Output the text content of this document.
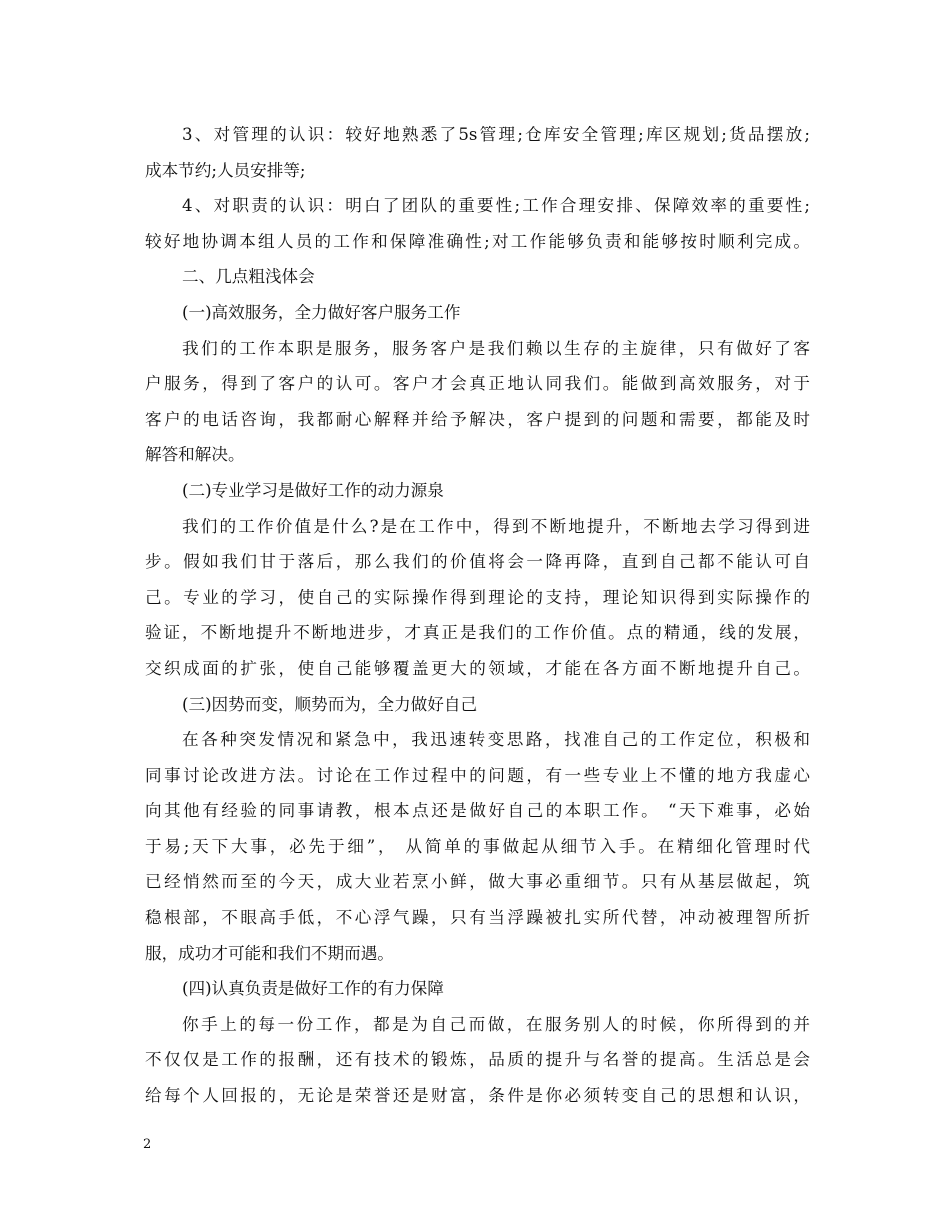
3、对管理的认识：较好地熟悉了5s管理;仓库安全管理;库区规划;货品摆放;
成本节约;人员安排等;
4、对职责的认识：明白了团队的重要性;工作合理安排、保障效率的重要性;
较好地协调本组人员的工作和保障准确性;对工作能够负责和能够按时顺利完成。
二、几点粗浅体会
(一)高效服务，全力做好客户服务工作
我们的工作本职是服务，服务客户是我们赖以生存的主旋律，只有做好了客
户服务，得到了客户的认可。客户才会真正地认同我们。能做到高效服务，对于
客户的电话咨询，我都耐心解释并给予解决，客户提到的问题和需要，都能及时
解答和解决。
(二)专业学习是做好工作的动力源泉
我们的工作价值是什么?是在工作中，得到不断地提升，不断地去学习得到进
步。假如我们甘于落后，那么我们的价值将会一降再降，直到自己都不能认可自
己。专业的学习，使自己的实际操作得到理论的支持，理论知识得到实际操作的
验证，不断地提升不断地进步，才真正是我们的工作价值。点的精通，线的发展，
交织成面的扩张，使自己能够覆盖更大的领域，才能在各方面不断地提升自己。
(三)因势而变，顺势而为，全力做好自己
在各种突发情况和紧急中，我迅速转变思路，找准自己的工作定位，积极和
同事讨论改进方法。讨论在工作过程中的问题，有一些专业上不懂的地方我虚心
向其他有经验的同事请教，根本点还是做好自己的本职工作。 “天下难事，必始
于易;天下大事，必先于细”， 从简单的事做起从细节入手。在精细化管理时代
已经悄然而至的今天，成大业若烹小鲜，做大事必重细节。只有从基层做起，筑
稳根部，不眼高手低，不心浮气躁，只有当浮躁被扎实所代替，冲动被理智所折
服，成功才可能和我们不期而遇。
(四)认真负责是做好工作的有力保障
你手上的每一份工作，都是为自己而做，在服务别人的时候，你所得到的并
不仅仅是工作的报酬，还有技术的锻炼，品质的提升与名誉的提高。生活总是会
给每个人回报的，无论是荣誉还是财富，条件是你必须转变自己的思想和认识，
2
